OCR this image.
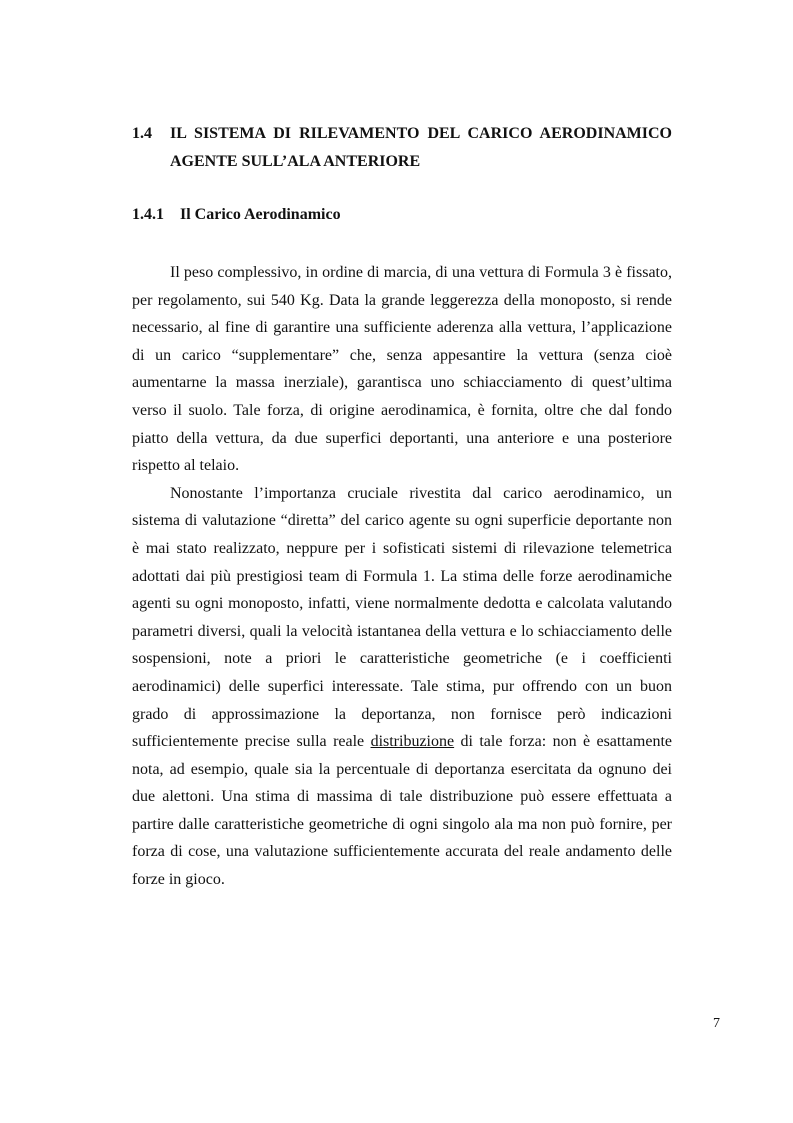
1.4	IL SISTEMA DI RILEVAMENTO DEL CARICO AERODINAMICO
AGENTE SULL’ALA ANTERIORE
1.4.1 Il Carico Aerodinamico

Il peso complessivo, in ordine di marcia, di una vettura di Formula 3 è fissato, per regolamento, sui 540 Kg. Data la grande leggerezza della monoposto, si rende necessario, al fine di garantire una sufficiente aderenza alla vettura, l’applicazione di un carico “supplementare” che, senza appesantire la vettura (senza cioè aumentarne la massa inerziale), garantisca uno schiacciamento di quest’ultima verso il suolo. Tale forza, di origine aerodinamica, è fornita, oltre che dal fondo piatto della vettura, da due superfici deportanti, una anteriore e una posteriore rispetto al telaio.

Nonostante l’importanza cruciale rivestita dal carico aerodinamico, un sistema di valutazione “diretta” del carico agente su ogni superficie deportante non è mai stato realizzato, neppure per i sofisticati sistemi di rilevazione telemetrica adottati dai più prestigiosi team di Formula 1. La stima delle forze aerodinamiche agenti su ogni monoposto, infatti, viene normalmente dedotta e calcolata valutando parametri diversi, quali la velocità istantanea della vettura e lo schiacciamento delle sospensioni, note a priori le caratteristiche geometriche (e i coefficienti aerodinamici) delle superfici interessate. Tale stima, pur offrendo con un buon grado di approssimazione la deportanza, non fornisce però indicazioni sufficientemente precise sulla reale distribuzione di tale forza: non è esattamente nota, ad esempio, quale sia la percentuale di deportanza esercitata da ognuno dei due alettoni. Una stima di massima di tale distribuzione può essere effettuata a partire dalle caratteristiche geometriche di ogni singolo ala ma non può fornire, per forza di cose, una valutazione sufficientemente accurata del reale andamento delle forze in gioco.

7
